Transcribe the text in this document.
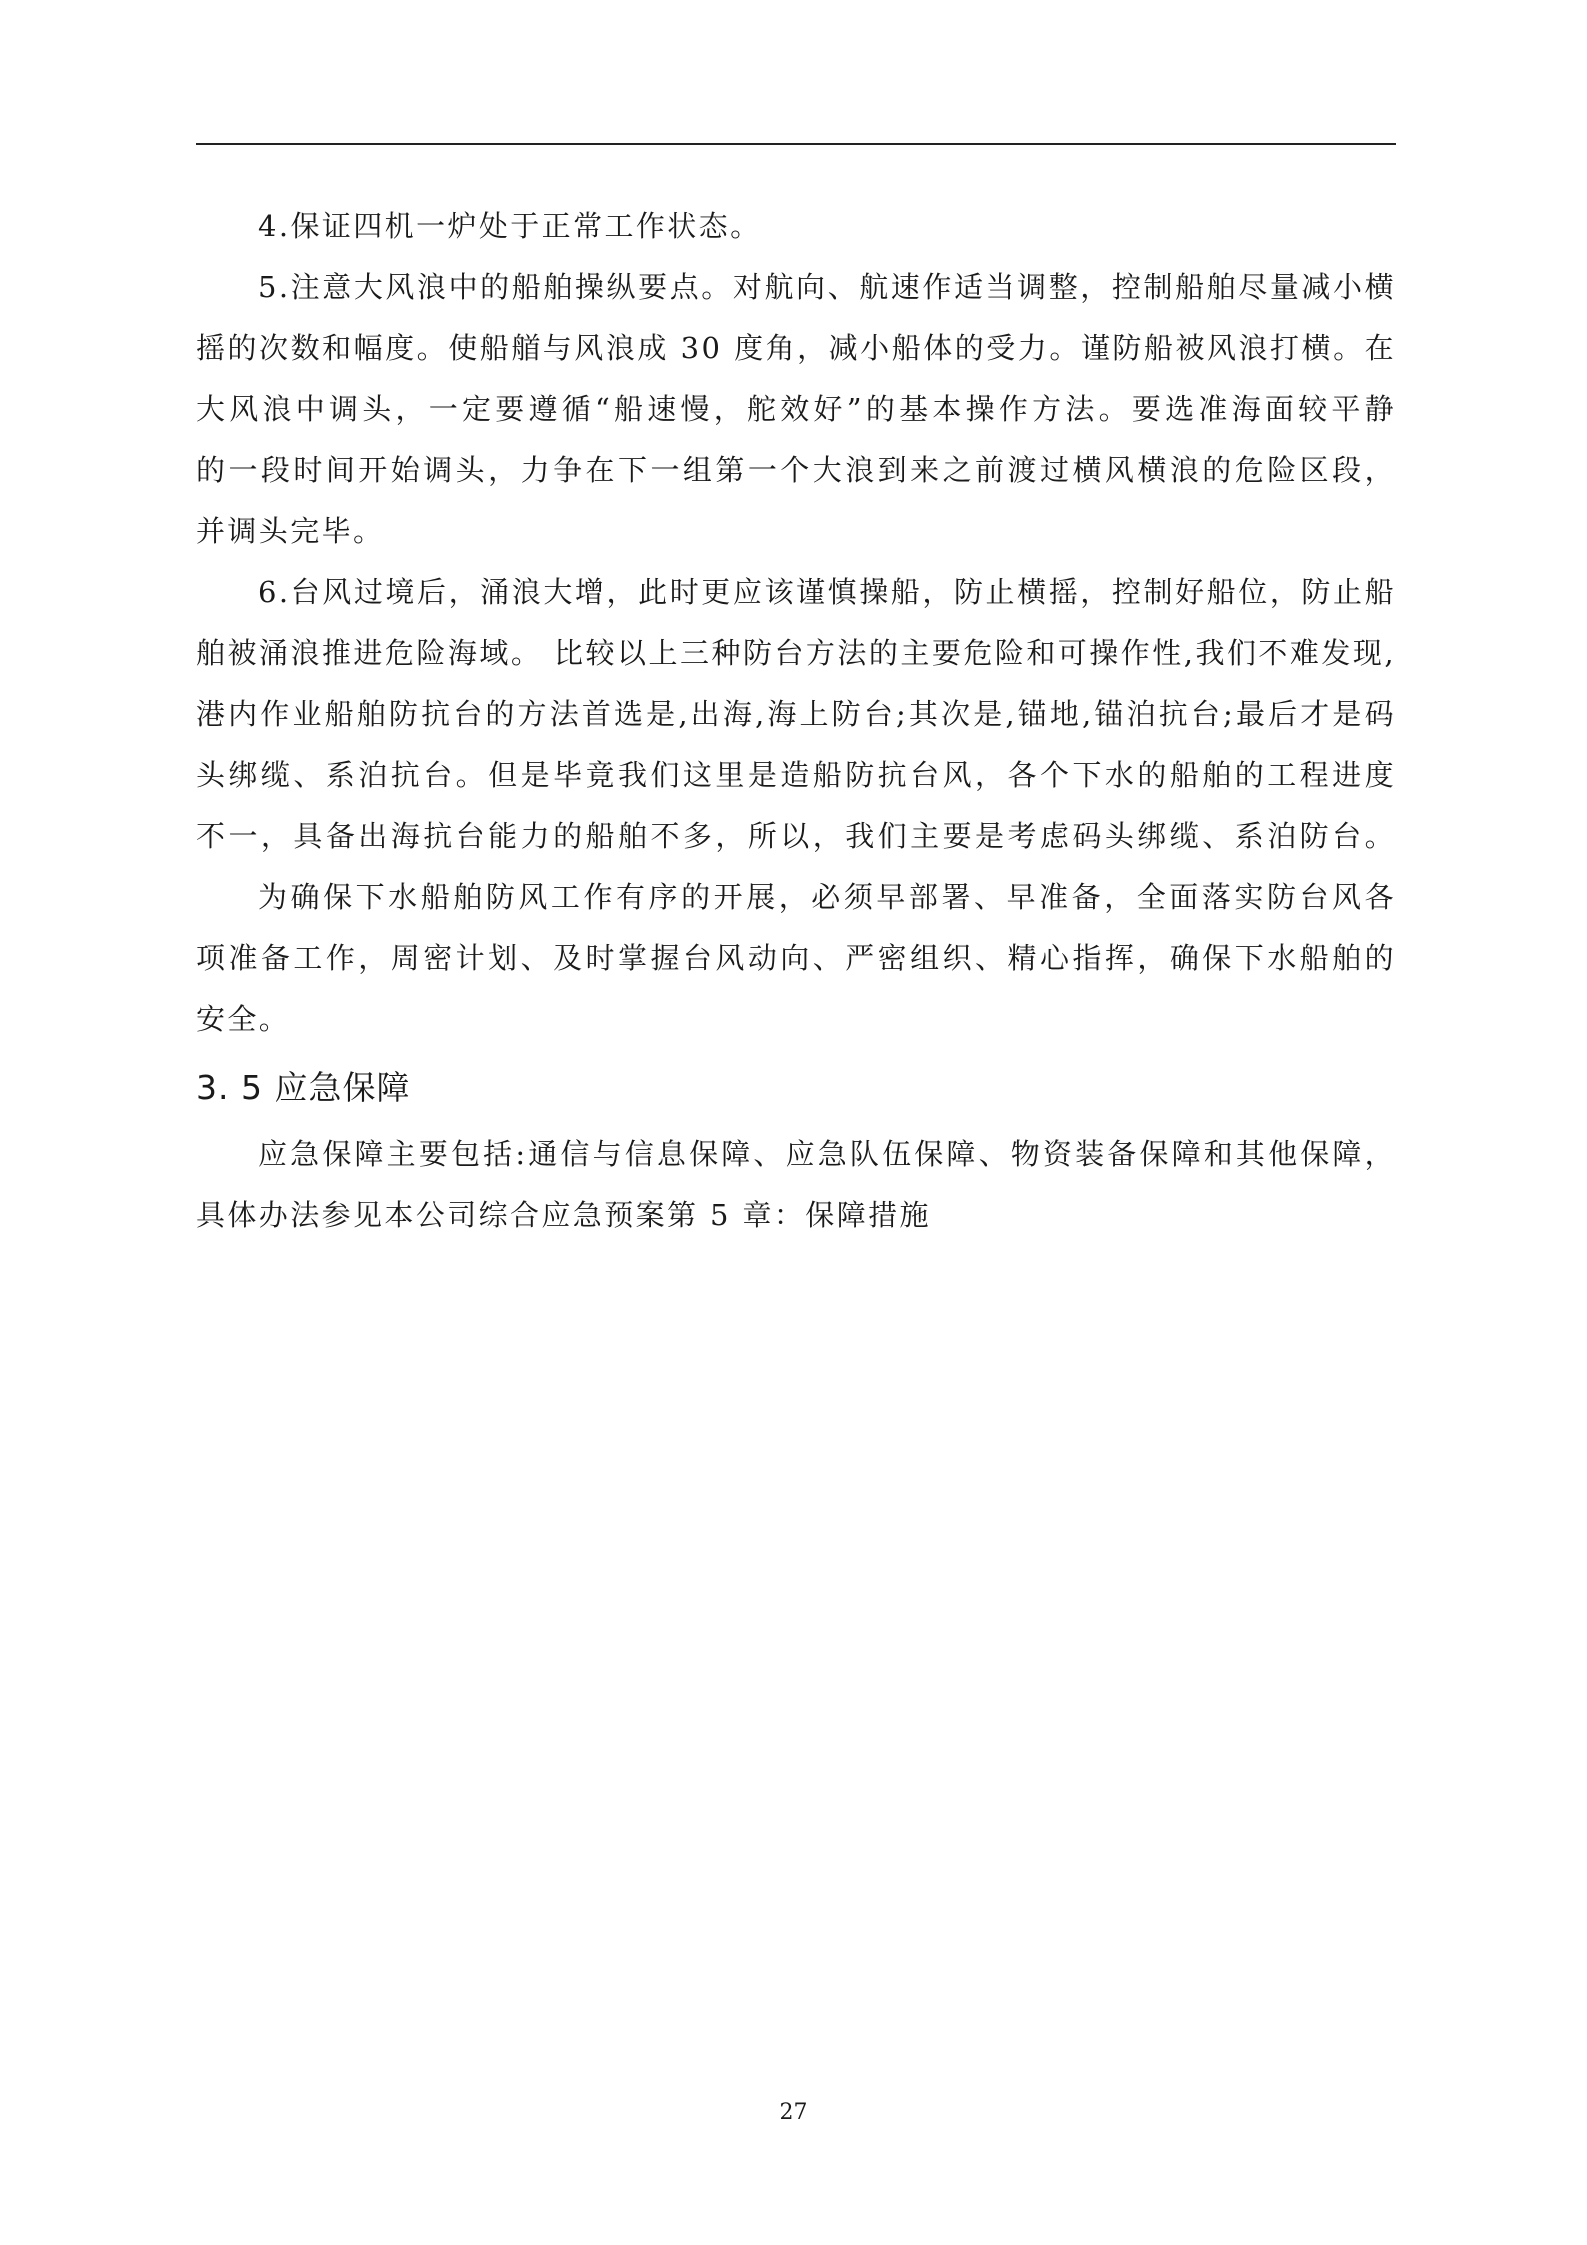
4.保证四机一炉处于正常工作状态。
5.注意大风浪中的船舶操纵要点。对航向、航速作适当调整，控制船舶尽量减小横
摇的次数和幅度。使船艏与风浪成 30 度角，减小船体的受力。谨防船被风浪打横。在
大风浪中调头，一定要遵循“船速慢，舵效好”的基本操作方法。要选准海面较平静
的一段时间开始调头，力争在下一组第一个大浪到来之前渡过横风横浪的危险区段，
并调头完毕。
6.台风过境后，涌浪大增，此时更应该谨慎操船，防止横摇，控制好船位，防止船
舶被涌浪推进危险海域。 比较以上三种防台方法的主要危险和可操作性,我们不难发现,
港内作业船舶防抗台的方法首选是,出海,海上防台;其次是,锚地,锚泊抗台;最后才是码
头绑缆、系泊抗台。但是毕竟我们这里是造船防抗台风，各个下水的船舶的工程进度
不一，具备出海抗台能力的船舶不多，所以，我们主要是考虑码头绑缆、系泊防台。
为确保下水船舶防风工作有序的开展，必须早部署、早准备，全面落实防台风各
项准备工作，周密计划、及时掌握台风动向、严密组织、精心指挥，确保下水船舶的
安全。
3. 5 应急保障
应急保障主要包括:通信与信息保障、应急队伍保障、物资装备保障和其他保障，
具体办法参见本公司综合应急预案第 5 章：保障措施
27
